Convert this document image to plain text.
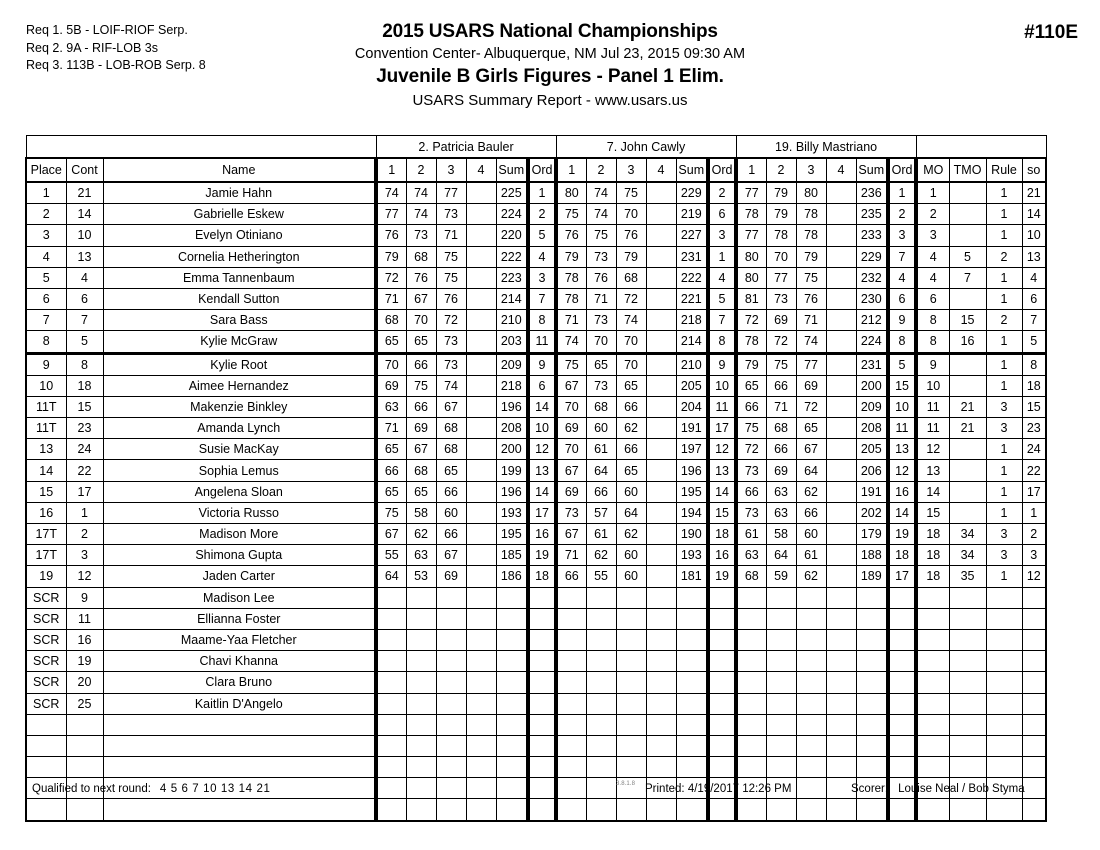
Req 1. 5B - LOIF-RIOF Serp.
Req 2. 9A - RIF-LOB 3s
Req 3. 113B - LOB-ROB Serp. 8
2015 USARS National Championships
Convention Center- Albuquerque, NM Jul 23, 2015 09:30 AM
Juvenile B Girls Figures - Panel 1 Elim.
USARS Summary Report - www.usars.us
#110E
			2. Patricia Bauler						7. John Cawly						19. Billy Mastriano									
Place	Cont	Name	1	2	3	4	Sum	Ord	1	2	3	4	Sum	Ord	1	2	3	4	Sum	Ord	MO	TMO	Rule	so
1	21	Jamie Hahn	74	74	77		225	1	80	74	75		229	2	77	79	80		236	1	1		1	21
2	14	Gabrielle Eskew	77	74	73		224	2	75	74	70		219	6	78	79	78		235	2	2		1	14
3	10	Evelyn Otiniano	76	73	71		220	5	76	75	76		227	3	77	78	78		233	3	3		1	10
4	13	Cornelia Hetherington	79	68	75		222	4	79	73	79		231	1	80	70	79		229	7	4	5	2	13
5	4	Emma Tannenbaum	72	76	75		223	3	78	76	68		222	4	80	77	75		232	4	4	7	1	4
6	6	Kendall Sutton	71	67	76		214	7	78	71	72		221	5	81	73	76		230	6	6		1	6
7	7	Sara Bass	68	70	72		210	8	71	73	74		218	7	72	69	71		212	9	8	15	2	7
8	5	Kylie McGraw	65	65	73		203	11	74	70	70		214	8	78	72	74		224	8	8	16	1	5
9	8	Kylie Root	70	66	73		209	9	75	65	70		210	9	79	75	77		231	5	9		1	8
10	18	Aimee Hernandez	69	75	74		218	6	67	73	65		205	10	65	66	69		200	15	10		1	18
11T	15	Makenzie Binkley	63	66	67		196	14	70	68	66		204	11	66	71	72		209	10	11	21	3	15
11T	23	Amanda Lynch	71	69	68		208	10	69	60	62		191	17	75	68	65		208	11	11	21	3	23
13	24	Susie MacKay	65	67	68		200	12	70	61	66		197	12	72	66	67		205	13	12		1	24
14	22	Sophia Lemus	66	68	65		199	13	67	64	65		196	13	73	69	64		206	12	13		1	22
15	17	Angelena Sloan	65	65	66		196	14	69	66	60		195	14	66	63	62		191	16	14		1	17
16	1	Victoria Russo	75	58	60		193	17	73	57	64		194	15	73	63	66		202	14	15		1	1
17T	2	Madison More	67	62	66		195	16	67	61	62		190	18	61	58	60		179	19	18	34	3	2
17T	3	Shimona Gupta	55	63	67		185	19	71	62	60		193	16	63	64	61		188	18	18	34	3	3
19	12	Jaden Carter	64	53	69		186	18	66	55	60		181	19	68	59	62		189	17	18	35	1	12
SCR	9	Madison Lee																						
SCR	11	Ellianna Foster																						
SCR	16	Maame-Yaa Fletcher																						
SCR	19	Chavi Khanna																						
SCR	20	Clara Bruno																						
SCR	25	Kaitlin D'Angelo																						

Qualified to next round: 4 5 6 7 10 13 14 21	3.8.1.8 Printed: 4/19/2017 12:26 PM	Scorer: Louise Neal / Bob Styma
